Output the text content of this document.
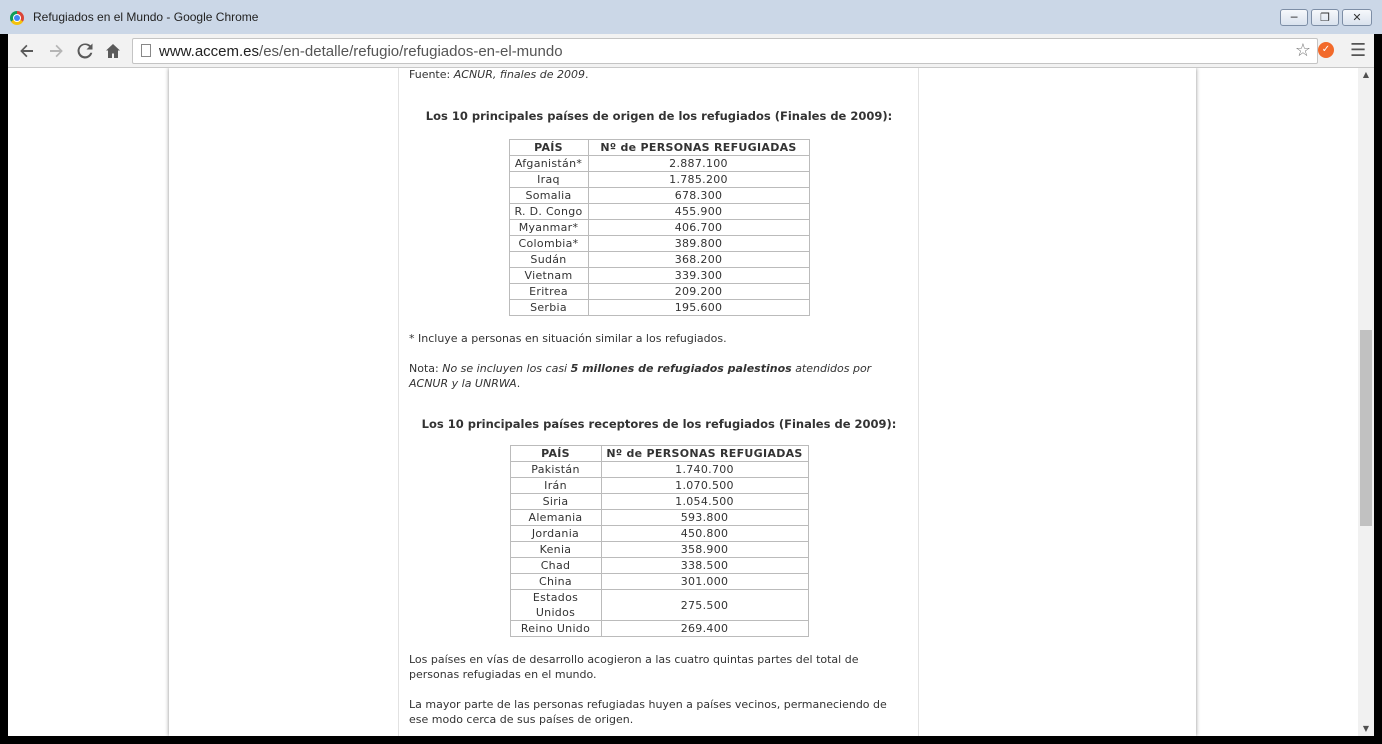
Refugiados en el Mundo - Google Chrome	─	❐	✕
www.accem.es/es/en-detalle/refugio/refugiados-en-el-mundo	☆	✓ ☰

Fuente: ACNUR, finales de 2009.

Los 10 principales países de origen de los refugiados (Finales de 2009):
PAÍS	Nº de PERSONAS REFUGIADAS
Afganistán*	2.887.100
Iraq	1.785.200
Somalia	678.300
R. D. Congo	455.900
Myanmar*	406.700
Colombia*	389.800
Sudán	368.200
Vietnam	339.300
Eritrea	209.200
Serbia	195.600

* Incluye a personas en situación similar a los refugiados.

Nota: No se incluyen los casi 5 millones de refugiados palestinos atendidos por ACNUR y la UNRWA.

Los 10 principales países receptores de los refugiados (Finales de 2009):
PAÍS	Nº de PERSONAS REFUGIADAS
Pakistán	1.740.700
Irán	1.070.500
Siria	1.054.500
Alemania	593.800
Jordania	450.800
Kenia	358.900
Chad	338.500
China	301.000
Estados Unidos	275.500
Reino Unido	269.400

Los países en vías de desarrollo acogieron a las cuatro quintas partes del total de personas refugiadas en el mundo.

La mayor parte de las personas refugiadas huyen a países vecinos, permaneciendo de ese modo cerca de sus países de origen.

▲
▼
